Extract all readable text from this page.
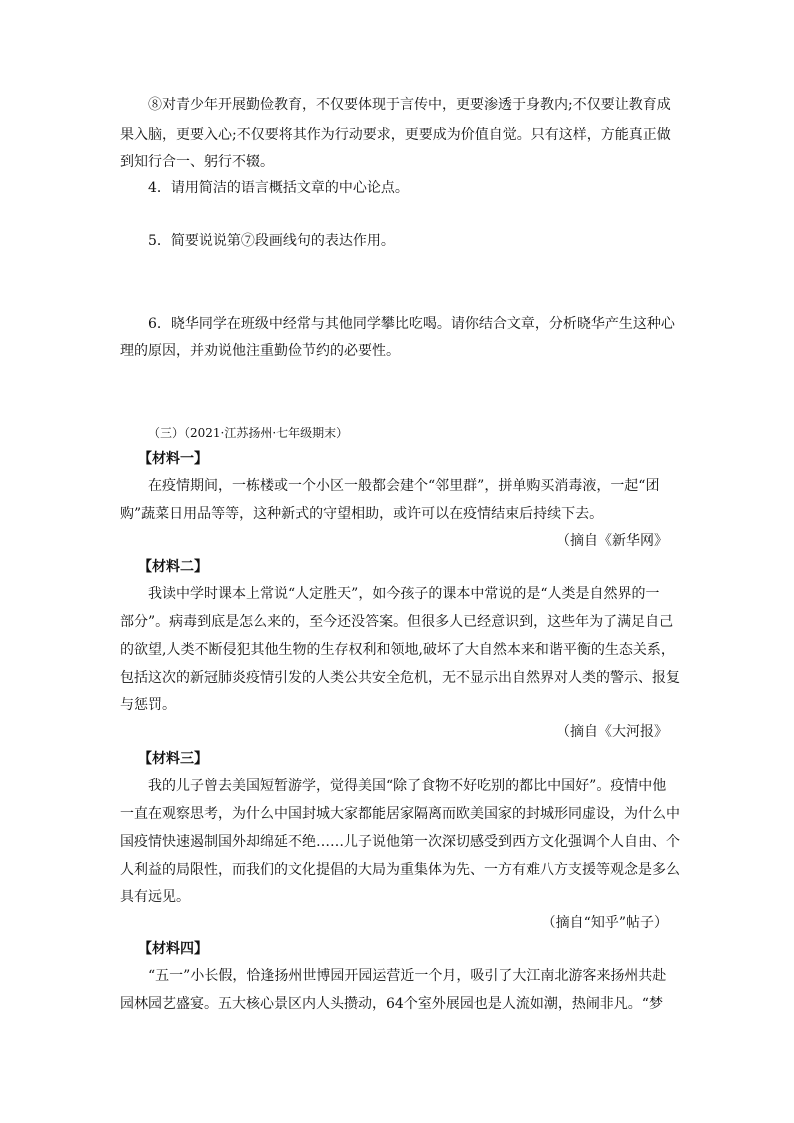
⑧对青少年开展勤俭教育，不仅要体现于言传中，更要渗透于身教内;不仅要让教育成
果入脑，更要入心;不仅要将其作为行动要求，更要成为价值自觉。只有这样，方能真正做
到知行合一、躬行不辍。
4．请用简洁的语言概括文章的中心论点。
5．简要说说第⑦段画线句的表达作用。
6．晓华同学在班级中经常与其他同学攀比吃喝。请你结合文章，分析晓华产生这种心
理的原因，并劝说他注重勤俭节约的必要性。
（三）（2021·江苏扬州·七年级期末）
【材料一】
在疫情期间，一栋楼或一个小区一般都会建个“邻里群”，拼单购买消毒液，一起“团
购”蔬菜日用品等等，这种新式的守望相助，或许可以在疫情结束后持续下去。
（摘自《新华网》
【材料二】
我读中学时课本上常说“人定胜天”，如今孩子的课本中常说的是“人类是自然界的一
部分”。病毒到底是怎么来的，至今还没答案。但很多人已经意识到，这些年为了满足自己
的欲望,人类不断侵犯其他生物的生存权利和领地,破坏了大自然本来和谐平衡的生态关系，
包括这次的新冠肺炎疫情引发的人类公共安全危机，无不显示出自然界对人类的警示、报复
与惩罚。
（摘自《大河报》
【材料三】
我的儿子曾去美国短暂游学，觉得美国“除了食物不好吃别的都比中国好”。疫情中他
一直在观察思考，为什么中国封城大家都能居家隔离而欧美国家的封城形同虚设，为什么中
国疫情快速遏制国外却绵延不绝……儿子说他第一次深切感受到西方文化强调个人自由、个
人利益的局限性，而我们的文化提倡的大局为重集体为先、一方有难八方支援等观念是多么
具有远见。
（摘自“知乎”帖子）
【材料四】
“五一”小长假，恰逢扬州世博园开园运营近一个月，吸引了大江南北游客来扬州共赴
园林园艺盛宴。五大核心景区内人头攒动，64个室外展园也是人流如潮，热闹非凡。“梦
